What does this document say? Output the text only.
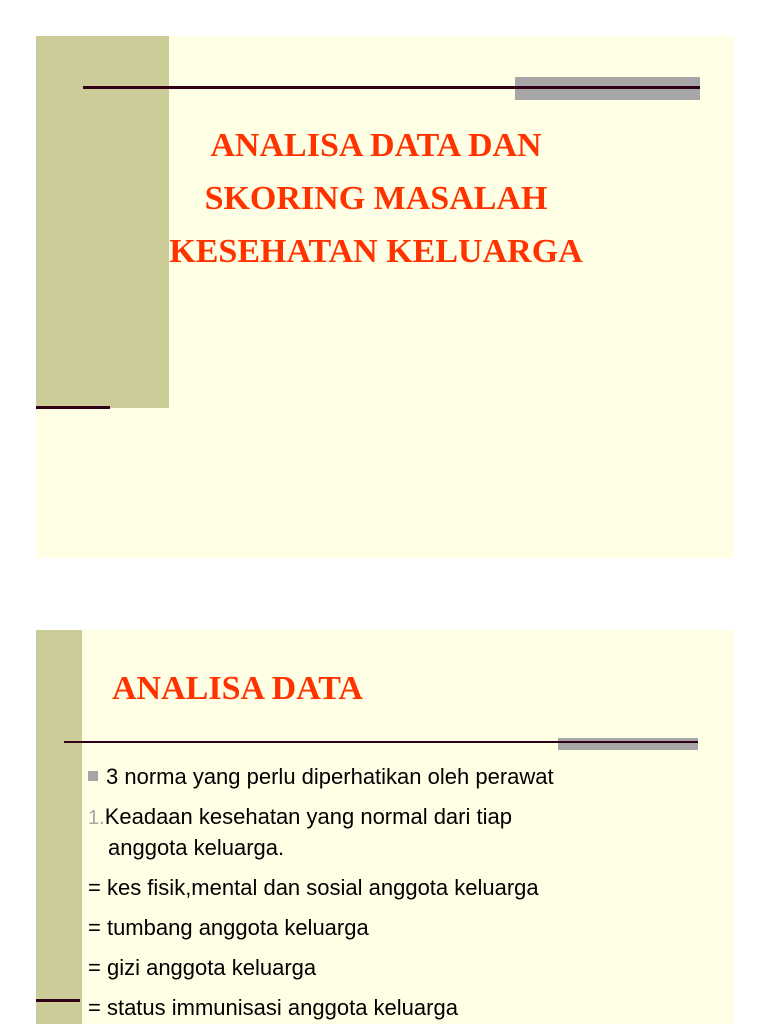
ANALISA DATA DAN
SKORING MASALAH
KESEHATAN KELUARGA
ANALISA DATA
3 norma yang perlu diperhatikan oleh perawat
1.Keadaan kesehatan yang normal dari tiap
anggota keluarga.
= kes fisik,mental dan sosial anggota keluarga
= tumbang anggota keluarga
= gizi anggota keluarga
= status immunisasi anggota keluarga
